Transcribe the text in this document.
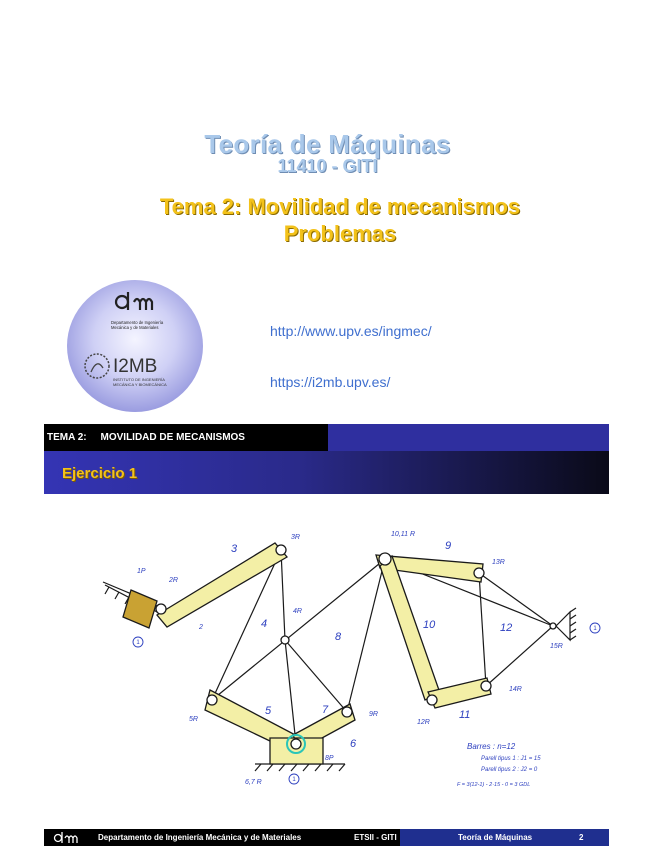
Teoría de Máquinas
11410 - GITI
Tema 2: Movilidad de mecanismos
Problemas
Departamento de Ingeniería
Mecánica y de Materiales
I2MB
INSTITUTO DE INGENIERÍA
MECÁNICA Y BIOMECÁNICA
http://www.upv.es/ingmec/
https://i2mb.upv.es/
TEMA 2:     MOVILIDAD DE MECANISMOS
Ejercicio 1
3
4
5
6
7
8
9
10
11
12
2
1P
2R
3R
4R
5R
6,7 R
8P
9R
10,11 R
13R
12R
14R
15R
1
1
1
Barres : n=12
Parell tipus 1 : J1 = 15
Parell tipus 2 : J2 = 0
F = 3(12-1) - 2·15 - 0 = 3 GDL
Departamento de Ingeniería Mecánica y de Materiales	ETSII - GITI	Teoría de Máquinas	2
